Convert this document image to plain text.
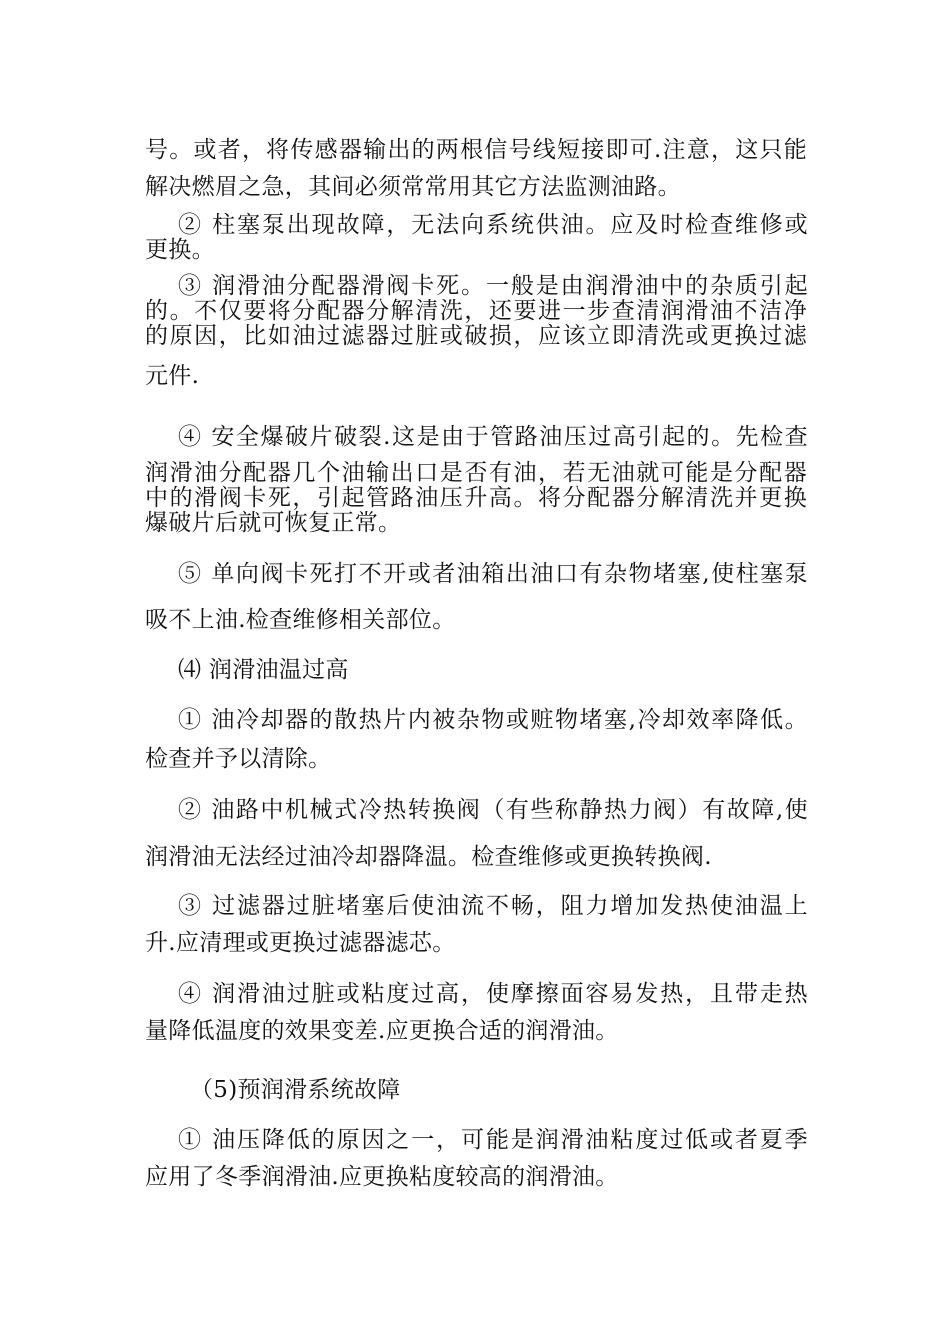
号。或者，将传感器输出的两根信号线短接即可.注意，这只能
解决燃眉之急，其间必须常常用其它方法监测油路。
② 柱塞泵出现故障，无法向系统供油。应及时检查维修或
更换。
③ 润滑油分配器滑阀卡死。一般是由润滑油中的杂质引起
的。不仅要将分配器分解清洗，还要进一步查清润滑油不洁净
的原因，比如油过滤器过脏或破损，应该立即清洗或更换过滤
元件.
④ 安全爆破片破裂.这是由于管路油压过高引起的。先检查
润滑油分配器几个油输出口是否有油，若无油就可能是分配器
中的滑阀卡死，引起管路油压升高。将分配器分解清洗并更换
爆破片后就可恢复正常。
⑤ 单向阀卡死打不开或者油箱出油口有杂物堵塞,使柱塞泵
吸不上油.检查维修相关部位。
⑷ 润滑油温过高
① 油冷却器的散热片内被杂物或赃物堵塞,冷却效率降低。
检查并予以清除。
② 油路中机械式冷热转换阀（有些称静热力阀）有故障,使
润滑油无法经过油冷却器降温。检查维修或更换转换阀.
③ 过滤器过脏堵塞后使油流不畅，阻力增加发热使油温上
升.应清理或更换过滤器滤芯。
④ 润滑油过脏或粘度过高，使摩擦面容易发热，且带走热
量降低温度的效果变差.应更换合适的润滑油。
（5)预润滑系统故障
① 油压降低的原因之一，可能是润滑油粘度过低或者夏季
应用了冬季润滑油.应更换粘度较高的润滑油。
